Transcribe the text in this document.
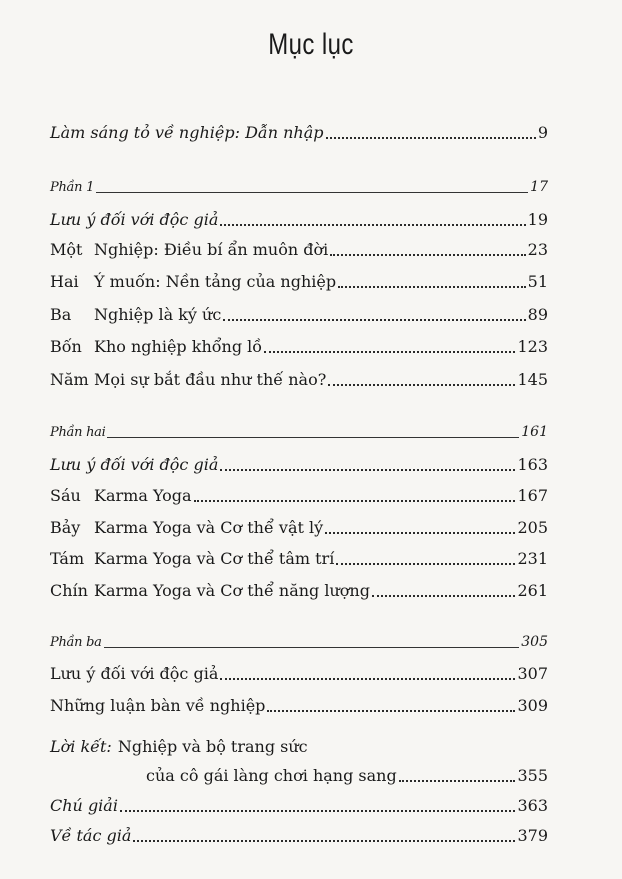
Mục lục
Làm sáng tỏ về nghiệp: Dẫn nhập	9
Phần 1	17
Lưu ý đối với độc giả	19
Một Nghiệp: Điều bí ẩn muôn đời	23
Hai Ý muốn: Nền tảng của nghiệp	51
Ba	Nghiệp là ký ức	89
Bốn Kho nghiệp khổng lồ	123
Năm Mọi sự bắt đầu như thế nào?	145
Phần hai	161
Lưu ý đối với độc giả	163
Sáu Karma Yoga	167
Bảy Karma Yoga và Cơ thể vật lý	205
Tám Karma Yoga và Cơ thể tâm trí	231
Chín Karma Yoga và Cơ thể năng lượng	261
Phần ba	305
Lưu ý đối với độc giả	307
Những luận bàn về nghiệp	309
Lời kết: Nghiệp và bộ trang sức
của cô gái làng chơi hạng sang	355
Chú giải	363
Về tác giả	379
